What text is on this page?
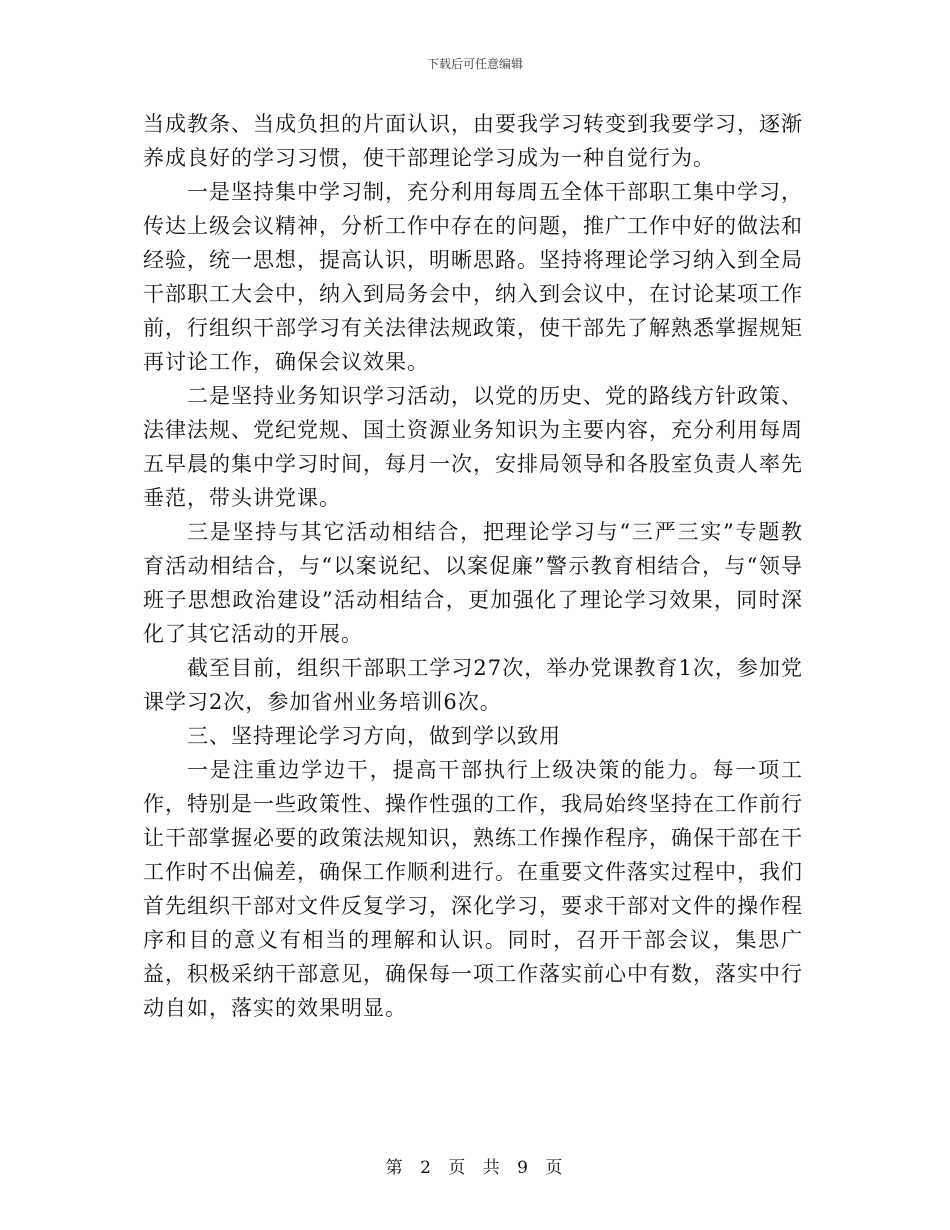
下载后可任意编辑

当成教条、当成负担的片面认识，由要我学习转变到我要学习，逐渐养成良好的学习习惯，使干部理论学习成为一种自觉行为。

一是坚持集中学习制，充分利用每周五全体干部职工集中学习，传达上级会议精神，分析工作中存在的问题，推广工作中好的做法和经验，统一思想，提高认识，明晰思路。坚持将理论学习纳入到全局干部职工大会中，纳入到局务会中，纳入到会议中，在讨论某项工作前，行组织干部学习有关法律法规政策，使干部先了解熟悉掌握规矩再讨论工作，确保会议效果。

二是坚持业务知识学习活动，以党的历史、党的路线方针政策、法律法规、党纪党规、国土资源业务知识为主要内容，充分利用每周五早晨的集中学习时间，每月一次，安排局领导和各股室负责人率先垂范，带头讲党课。

三是坚持与其它活动相结合，把理论学习与“三严三实”专题教育活动相结合，与“以案说纪、以案促廉”警示教育相结合，与“领导班子思想政治建设”活动相结合，更加强化了理论学习效果，同时深化了其它活动的开展。

截至目前，组织干部职工学习27次，举办党课教育1次，参加党课学习2次，参加省州业务培训6次。

三、坚持理论学习方向，做到学以致用

一是注重边学边干，提高干部执行上级决策的能力。每一项工作，特别是一些政策性、操作性强的工作，我局始终坚持在工作前行让干部掌握必要的政策法规知识，熟练工作操作程序，确保干部在干工作时不出偏差，确保工作顺利进行。在重要文件落实过程中，我们首先组织干部对文件反复学习，深化学习，要求干部对文件的操作程序和目的意义有相当的理解和认识。同时，召开干部会议，集思广益，积极采纳干部意见，确保每一项工作落实前心中有数，落实中行动自如，落实的效果明显。

第 2 页 共 9 页
